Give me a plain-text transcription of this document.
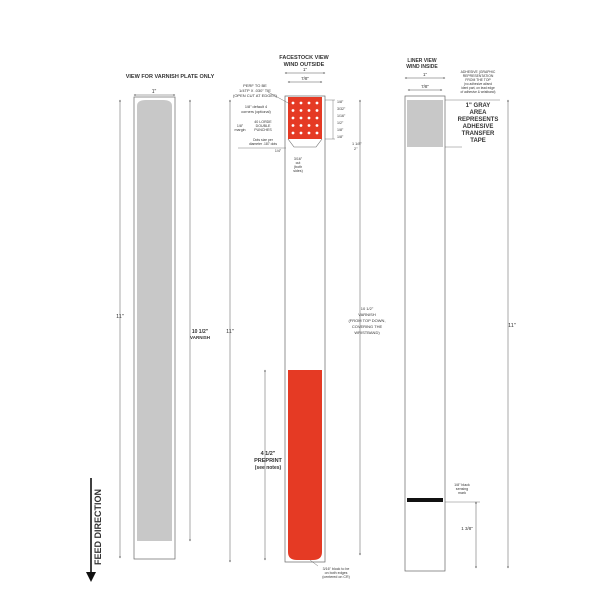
VIEW FOR VARNISH PLATE ONLY
1"
11"
10 1/2"
VARNISH
FACESTOCK VIEW
WIND OUTSIDE
1"
7/8"
PERF TO BE
1/4TP X .030" TIE
(OPEN CUT AT EDGES)
1/8" default 4
corners (optional)
40 LORDE
DOUBLE
PUNCHES
1/8"
margin
Dots size per
diameter .187 dots
1/4"
1/8"
3/32"
1/16"
1/2"
1/8"
1/8"
1 1/8"
2"
3/16"
cut
(both
sides)
11"
4 1/2"
PREPRINT
(see notes)
10 1/2"
VARNISH
(FROM TOP DOWN,
COVERING THE
WRISTBAND)
3/16" block to be
on both edges
(centered on CR)
LINER VIEW
WIND INSIDE
1"
7/8"
ADHESIVE (GRAPHIC
REPRESENTATION
FROM THE TOP
(no adhesive at/and
ident part, on lead edge
of adhesive & wristband)
1" GRAY
AREA
REPRESENTS
ADHESIVE
TRANSFER
TAPE
11"
1/8" black
sensing
mark
1 3/8"
FEED DIRECTION
